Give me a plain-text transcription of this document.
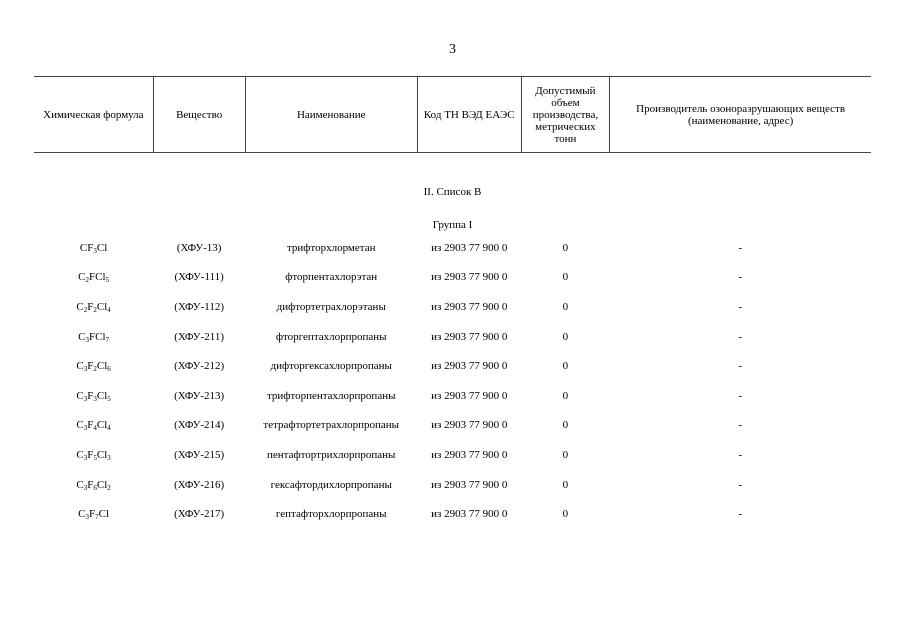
3
Химическая формула	Вещество	Наименование	Код ТН ВЭД ЕАЭС	Допустимый объем производства, метрических тонн	Производитель озоноразрушающих веществ (наименование, адрес)
II. Список В					
Группа I					
$CF_3Cl$	(ХФУ-13)	трифторхлорметан	из 2903 77 900 0	0	-
$C_2FCl_5$	(ХФУ-111)	фторпентахлорэтан	из 2903 77 900 0	0	-
$C_2F_2Cl_4$	(ХФУ-112)	дифтортетрахлорэтаны	из 2903 77 900 0	0	-
$C_3FCl_7$	(ХФУ-211)	фторгептахлорпропаны	из 2903 77 900 0	0	-
$C_3F_2Cl_6$	(ХФУ-212)	дифторгексахлорпропаны	из 2903 77 900 0	0	-
$C_3F_3Cl_5$	(ХФУ-213)	трифторпентахлорпропаны	из 2903 77 900 0	0	-
$C_3F_4Cl_4$	(ХФУ-214)	тетрафтортетрахлорпропаны	из 2903 77 900 0	0	-
$C_3F_5Cl_3$	(ХФУ-215)	пентафтортрихлорпропаны	из 2903 77 900 0	0	-
$C_3F_6Cl_2$	(ХФУ-216)	гексафтордихлорпропаны	из 2903 77 900 0	0	-
$C_3F_7Cl$	(ХФУ-217)	гептафторхлорпропаны	из 2903 77 900 0	0	-
